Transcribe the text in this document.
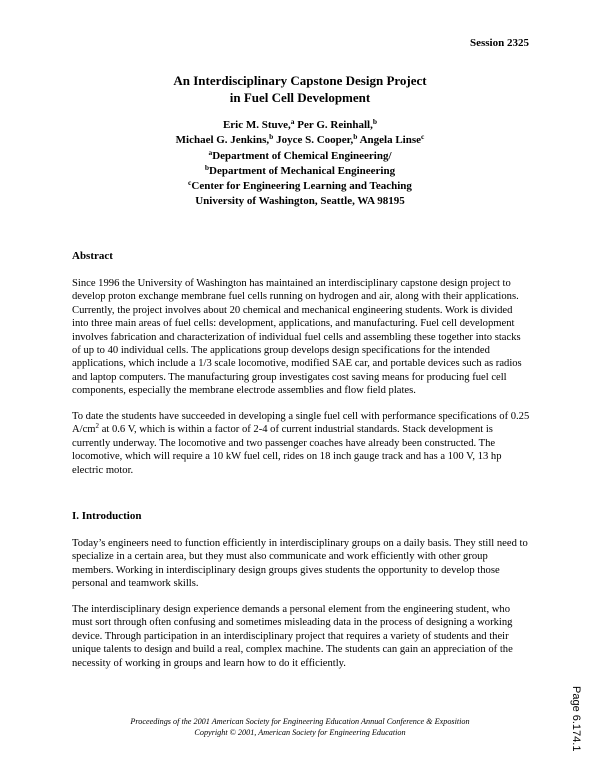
Session 2325
An Interdisciplinary Capstone Design Project
in Fuel Cell Development
Eric M. Stuve,$^a$ Per G. Reinhall,$^b$
Michael G. Jenkins,$^b$ Joyce S. Cooper,$^b$ Angela Linse$^c$
$^a$Department of Chemical Engineering/
$^b$Department of Mechanical Engineering
$^c$Center for Engineering Learning and Teaching
University of Washington, Seattle, WA 98195
Abstract

Since 1996 the University of Washington has maintained an interdisciplinary capstone design project to develop proton exchange membrane fuel cells running on hydrogen and air, along with their applications. Currently, the project involves about 20 chemical and mechanical engineering students. Work is divided into three main areas of fuel cells: development, applications, and manufacturing. Fuel cell development involves fabrication and characterization of individual fuel cells and assembling these together into stacks of up to 40 individual cells. The applications group develops design specifications for the intended applications, which include a 1/3 scale locomotive, modified SAE car, and portable devices such as radios and laptop computers. The manufacturing group investigates cost saving means for producing fuel cell components, especially the membrane electrode assemblies and flow field plates.

To date the students have succeeded in developing a single fuel cell with performance specifications of 0.25 $A/cm^2$ at 0.6 V, which is within a factor of 2-4 of current industrial standards. Stack development is currently underway. The locomotive and two passenger coaches have already been constructed. The locomotive, which will require a 10 kW fuel cell, rides on 18 inch gauge track and has a 100 V, 13 hp electric motor.

I. Introduction

Today’s engineers need to function efficiently in interdisciplinary groups on a daily basis. They still need to specialize in a certain area, but they must also communicate and work efficiently with other group members. Working in interdisciplinary design groups gives students the opportunity to develop those personal and teamwork skills.

The interdisciplinary design experience demands a personal element from the engineering student, who must sort through often confusing and sometimes misleading data in the process of designing a working device. Through participation in an interdisciplinary project that requires a variety of students and their unique talents to design and build a real, complex machine. The students can gain an appreciation of the necessity of working in groups and learn how to do it efficiently.

Proceedings of the 2001 American Society for Engineering Education Annual Conference & Exposition
Copyright © 2001, American Society for Engineering Education	Page 6.174.1
